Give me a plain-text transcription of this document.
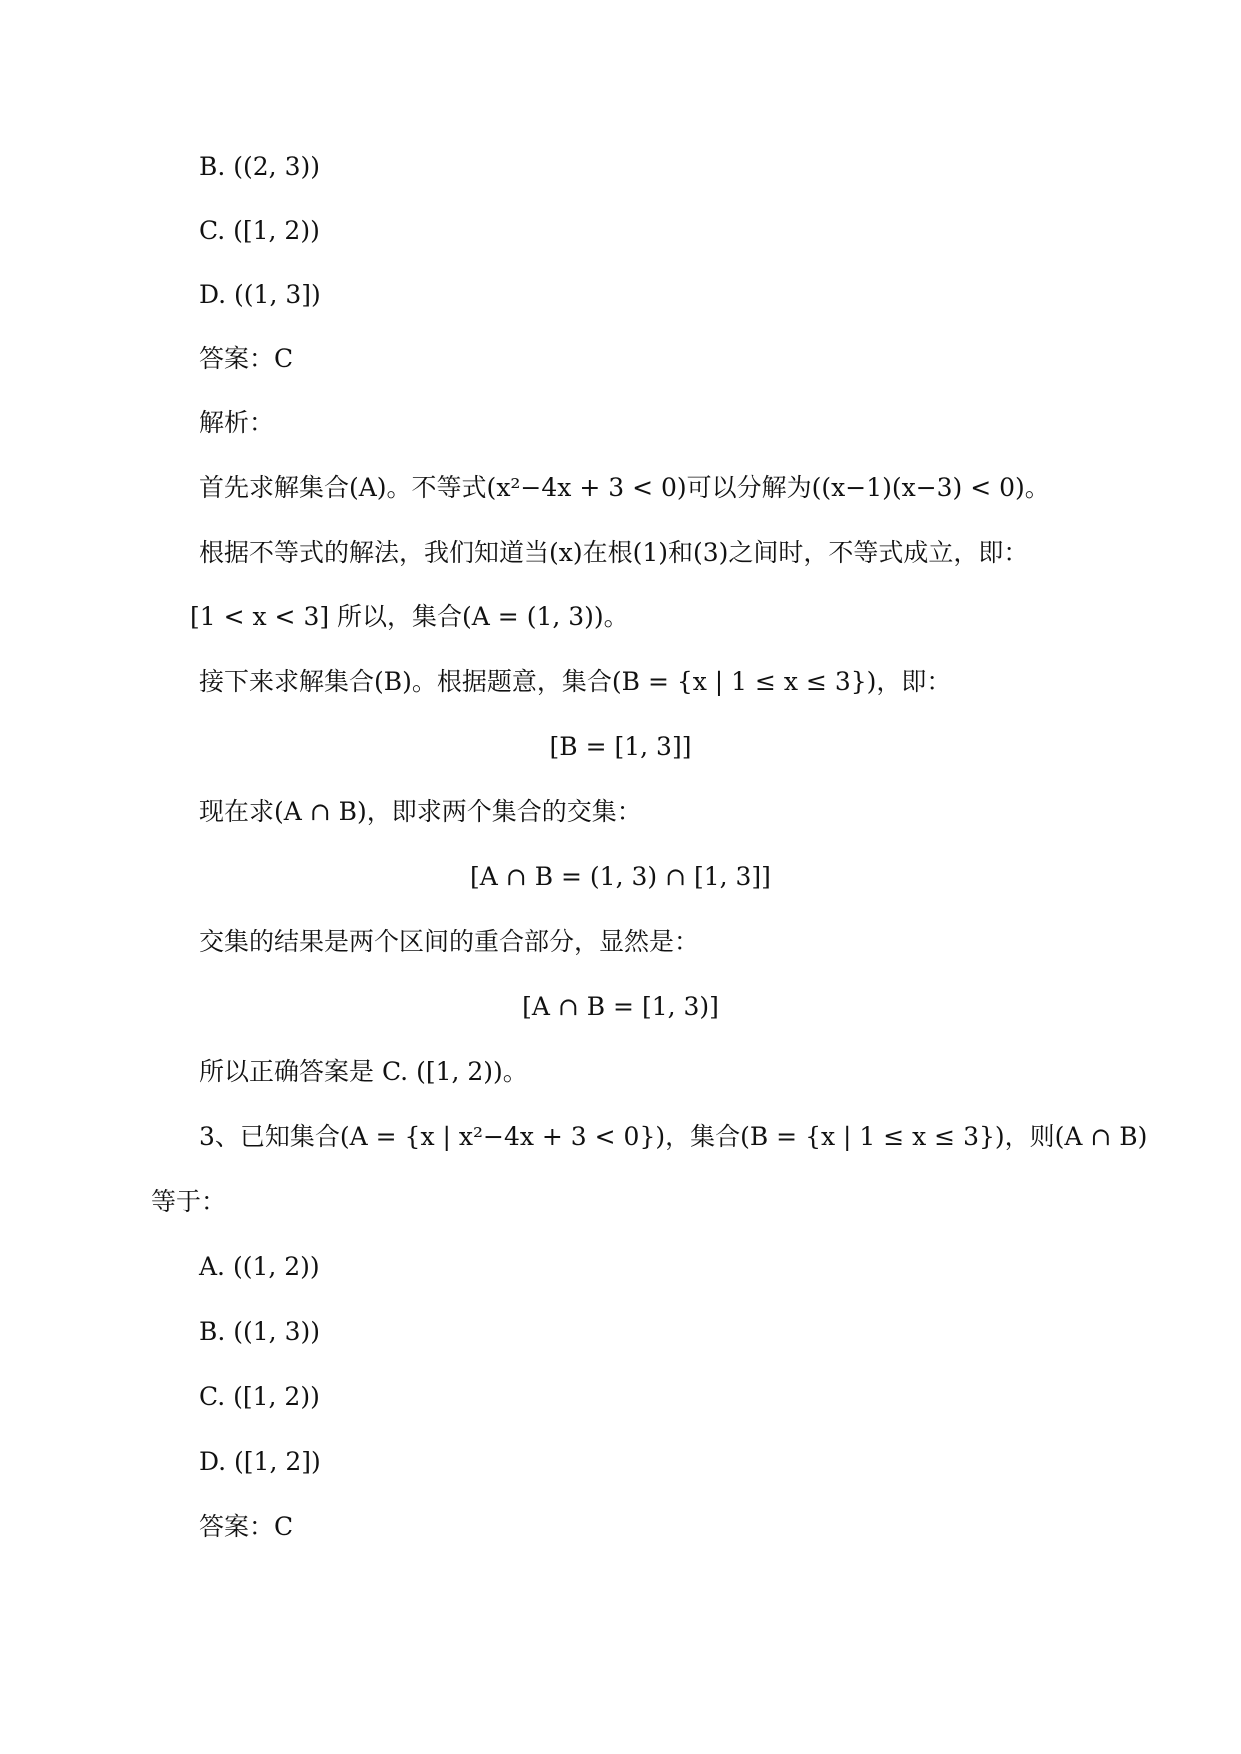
B. ((2, 3))
C. ([1, 2))
D. ((1, 3])
答案：C
解析：
首先求解集合(A)。不等式(x²−4x + 3 < 0)可以分解为((x−1)(x−3) < 0)。
根据不等式的解法，我们知道当(x)在根(1)和(3)之间时，不等式成立，即：
[1 < x < 3] 所以，集合(A = (1, 3))。
接下来求解集合(B)。根据题意，集合(B = {x | 1 ≤ x ≤ 3})，即：
[B = [1, 3]]
现在求(A ∩ B)，即求两个集合的交集：
[A ∩ B = (1, 3) ∩ [1, 3]]
交集的结果是两个区间的重合部分，显然是：
[A ∩ B = [1, 3)]
所以正确答案是 C. ([1, 2))。
3、已知集合(A = {x | x²−4x + 3 < 0})，集合(B = {x | 1 ≤ x ≤ 3})，则(A ∩ B)
等于：
A. ((1, 2))
B. ((1, 3))
C. ([1, 2))
D. ([1, 2])
答案：C
